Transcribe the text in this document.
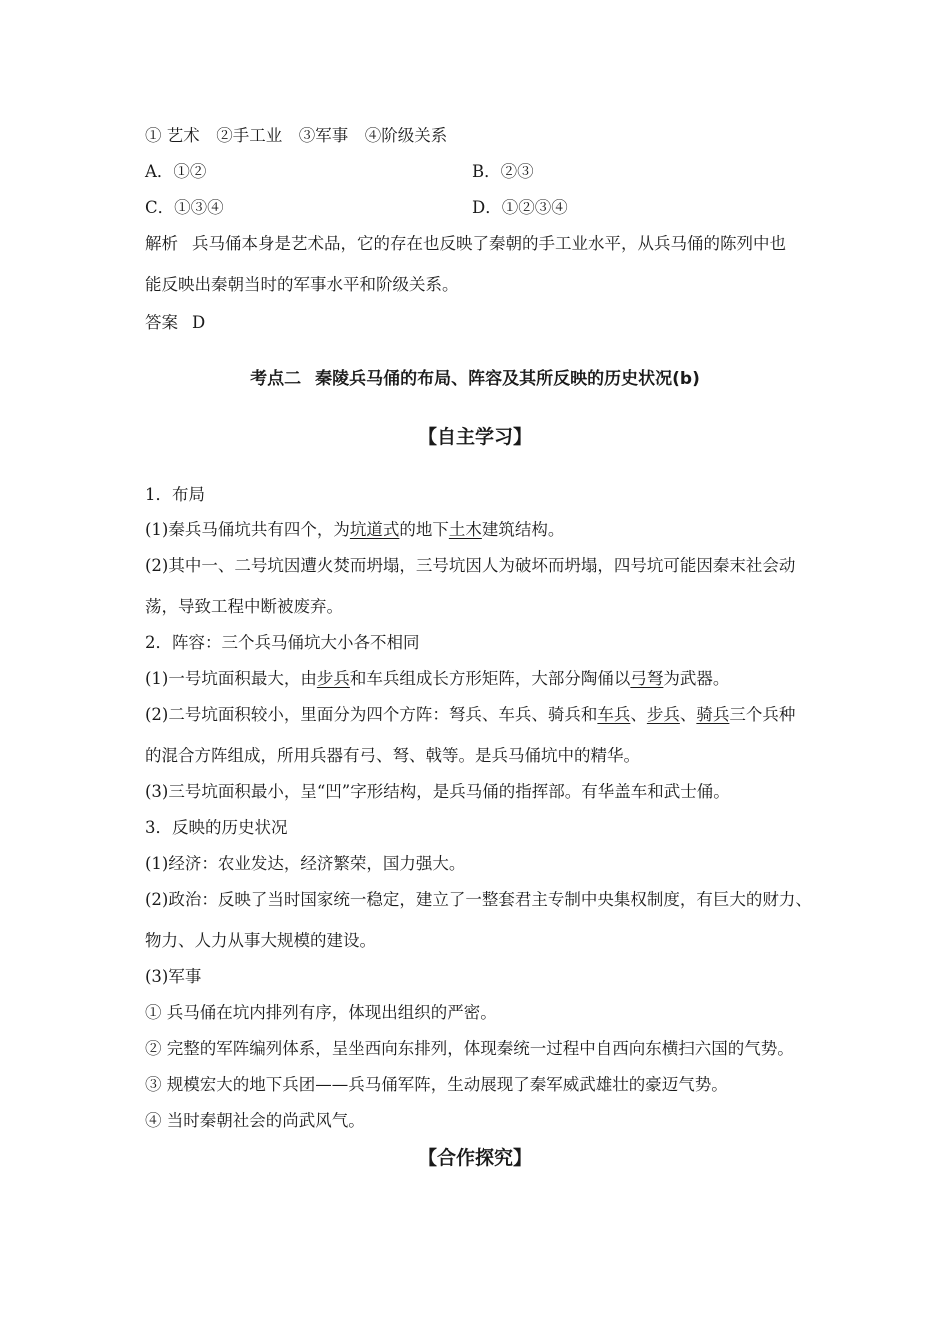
① 艺术　②手工业　③军事　④阶级关系
A．①②	B．②③
C．①③④	D．①②③④
解析 兵马俑本身是艺术品，它的存在也反映了秦朝的手工业水平，从兵马俑的陈列中也
能反映出秦朝当时的军事水平和阶级关系。
答案 D
考点二 秦陵兵马俑的布局、阵容及其所反映的历史状况(b)
【自主学习】
1．布局
(1)秦兵马俑坑共有四个，为坑道式的地下土木建筑结构。
(2)其中一、二号坑因遭火焚而坍塌，三号坑因人为破坏而坍塌，四号坑可能因秦末社会动
荡，导致工程中断被废弃。
2．阵容：三个兵马俑坑大小各不相同
(1)一号坑面积最大，由步兵和车兵组成长方形矩阵，大部分陶俑以弓弩为武器。
(2)二号坑面积较小，里面分为四个方阵：弩兵、车兵、骑兵和车兵、步兵、骑兵三个兵种
的混合方阵组成，所用兵器有弓、弩、戟等。是兵马俑坑中的精华。
(3)三号坑面积最小，呈“凹”字形结构，是兵马俑的指挥部。有华盖车和武士俑。
3．反映的历史状况
(1)经济：农业发达，经济繁荣，国力强大。
(2)政治：反映了当时国家统一稳定，建立了一整套君主专制中央集权制度，有巨大的财力、
物力、人力从事大规模的建设。
(3)军事
① 兵马俑在坑内排列有序，体现出组织的严密。
② 完整的军阵编列体系，呈坐西向东排列，体现秦统一过程中自西向东横扫六国的气势。
③ 规模宏大的地下兵团——兵马俑军阵，生动展现了秦军威武雄壮的豪迈气势。
④ 当时秦朝社会的尚武风气。
【合作探究】
